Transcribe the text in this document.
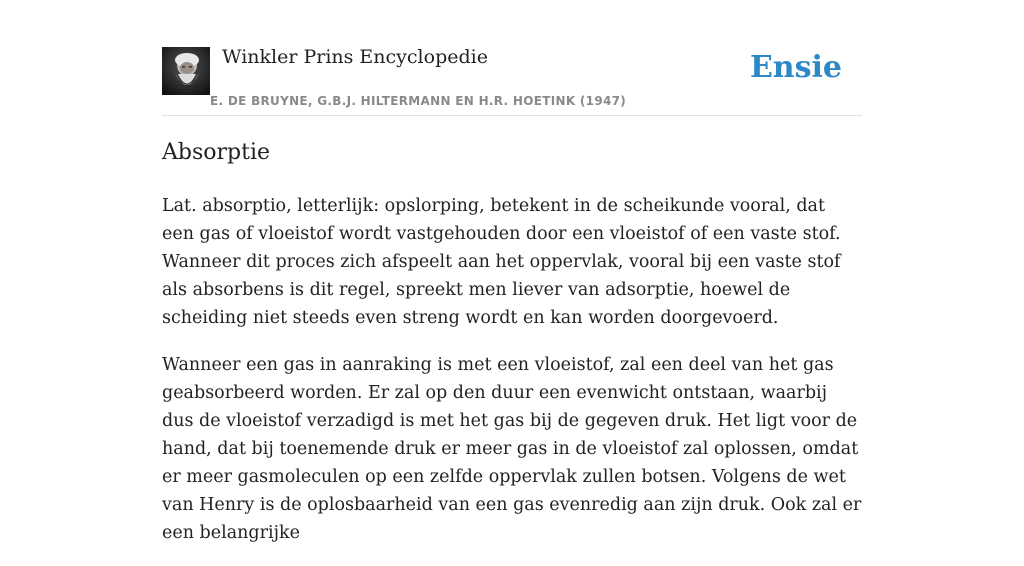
Winkler Prins Encyclopedie
E. DE BRUYNE, G.B.J. HILTERMANN EN H.R. HOETINK (1947)
Ensie
Absorptie

Lat. absorptio, letterlijk: opslorping, betekent in de scheikunde vooral, dat een gas of vloeistof wordt vastgehouden door een vloeistof of een vaste stof. Wanneer dit proces zich afspeelt aan het oppervlak, vooral bij een vaste stof als absorbens is dit regel, spreekt men liever van adsorptie, hoewel de scheiding niet steeds even streng wordt en kan worden doorgevoerd.

Wanneer een gas in aanraking is met een vloeistof, zal een deel van het gas geabsorbeerd worden. Er zal op den duur een evenwicht ontstaan, waarbij dus de vloeistof verzadigd is met het gas bij de gegeven druk. Het ligt voor de hand, dat bij toenemende druk er meer gas in de vloeistof zal oplossen, omdat er meer gasmoleculen op een zelfde oppervlak zullen botsen. Volgens de wet van Henry is de oplosbaarheid van een gas evenredig aan zijn druk. Ook zal er een belangrijke
